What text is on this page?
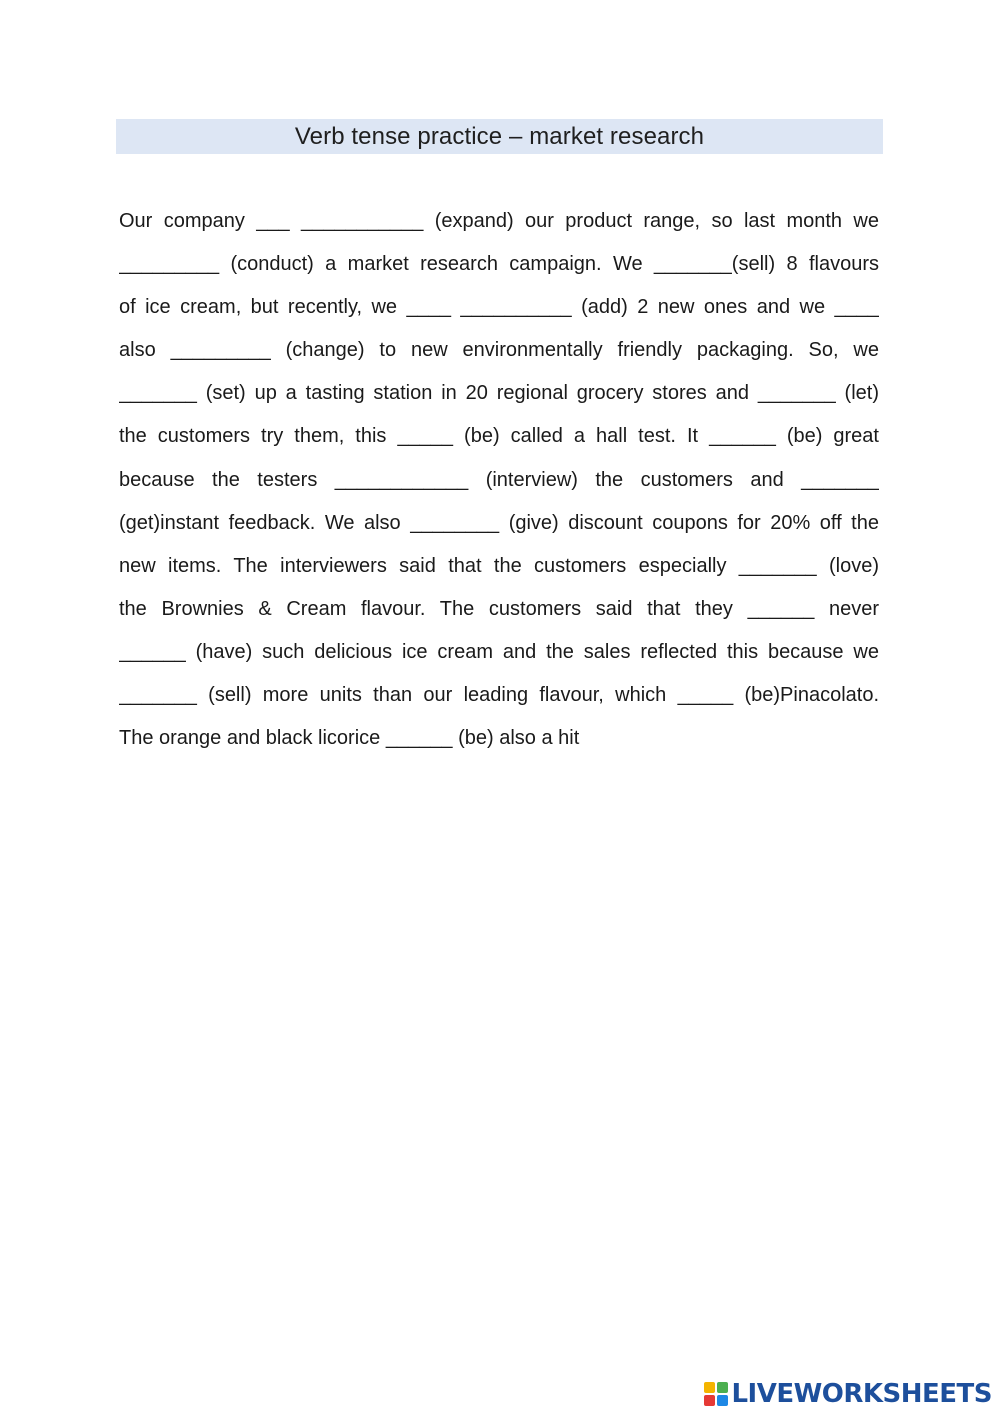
Verb tense practice – market research
Our company ___ ___________ (expand) our product range, so last month we
_________ (conduct) a market research campaign. We _______(sell) 8 flavours
of ice cream, but recently, we ____ __________ (add) 2 new ones and we ____
also _________ (change) to new environmentally friendly packaging. So, we
_______ (set) up a tasting station in 20 regional grocery stores and _______ (let)
the customers try them, this _____ (be) called a hall test. It ______ (be) great
because the testers ____________ (interview) the customers and _______
(get)instant feedback. We also ________ (give) discount coupons for 20% off the
new items. The interviewers said that the customers especially _______ (love)
the Brownies & Cream flavour. The customers said that they ______ never
______ (have) such delicious ice cream and the sales reflected this because we
_______ (sell) more units than our leading flavour, which _____ (be)Pinacolato.
The orange and black licorice ______ (be) also a hit
LIVEWORKSHEETS
